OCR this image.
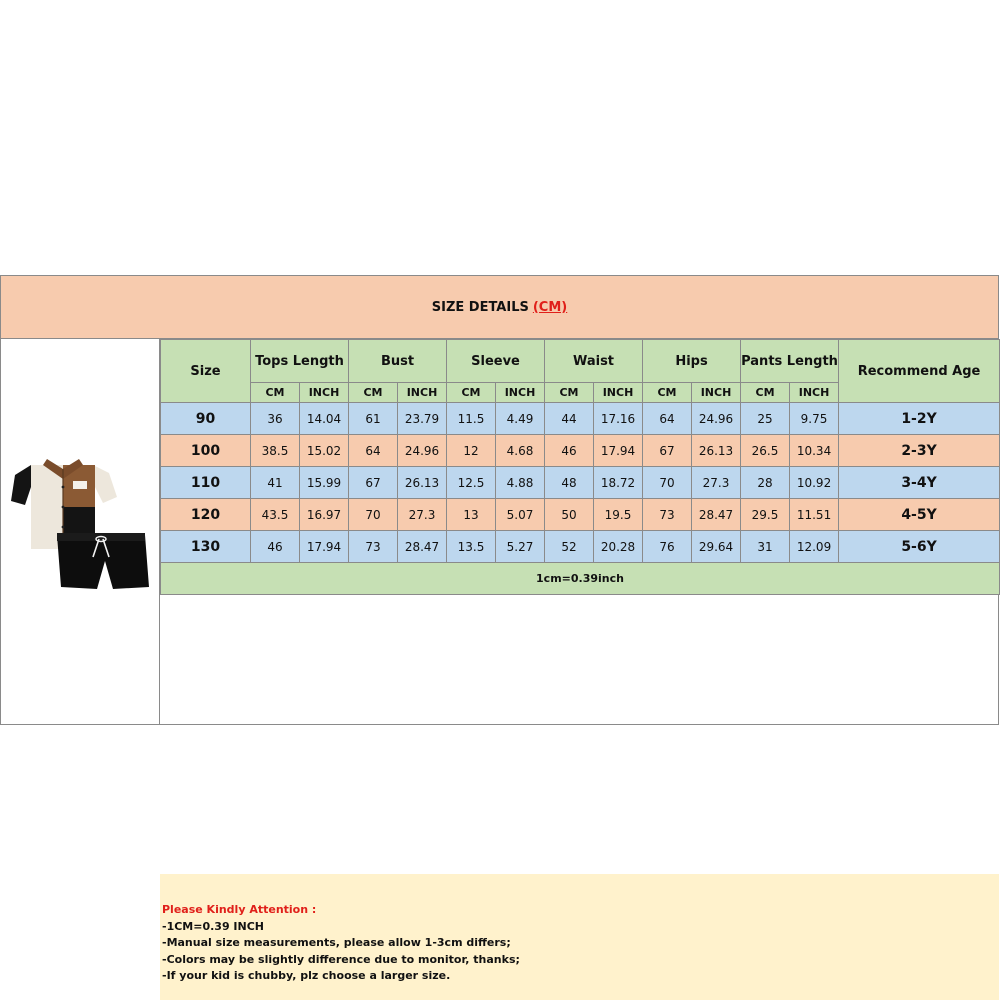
SIZE DETAILS (CM)
Size	Tops Length		Bust		Sleeve		Waist		Hips		Pants Length		Recommend Age
	CM	INCH	CM	INCH	CM	INCH	CM	INCH	CM	INCH	CM	INCH	
90	36	14.04	61	23.79	11.5	4.49	44	17.16	64	24.96	25	9.75	1-2Y
100	38.5	15.02	64	24.96	12	4.68	46	17.94	67	26.13	26.5	10.34	2-3Y
110	41	15.99	67	26.13	12.5	4.88	48	18.72	70	27.3	28	10.92	3-4Y
120	43.5	16.97	70	27.3	13	5.07	50	19.5	73	28.47	29.5	11.51	4-5Y
130	46	17.94	73	28.47	13.5	5.27	52	20.28	76	29.64	31	12.09	5-6Y
1cm=0.39inch													
Please Kindly Attention :
-1CM=0.39 INCH
-Manual size measurements, please allow 1-3cm differs;
-Colors may be slightly difference due to monitor, thanks;
-If your kid is chubby, plz choose a larger size.
